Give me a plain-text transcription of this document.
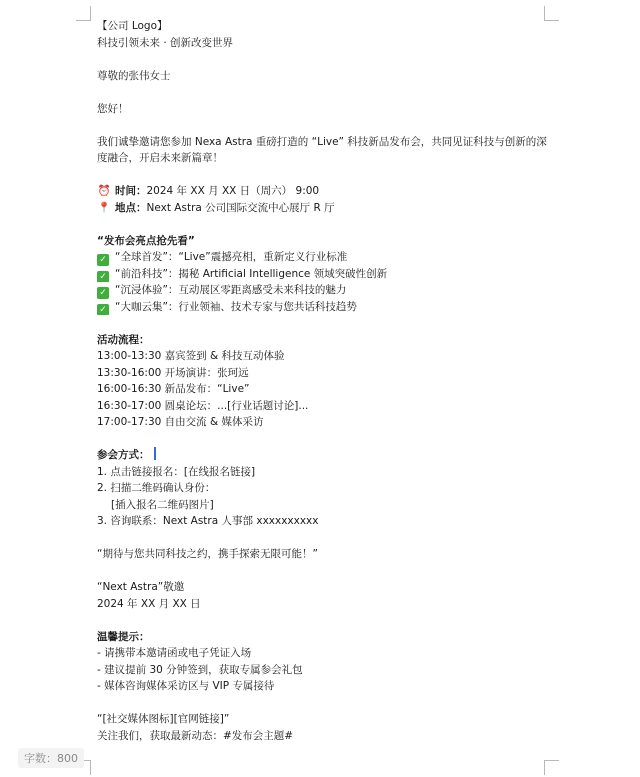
【公司 Logo】
科技引领未来 · 创新改变世界
尊敬的张伟女士
您好！
我们诚挚邀请您参加 Nexa Astra 重磅打造的 “Live” 科技新品发布会，共同见证科技与创新的深度融合，开启未来新篇章！
⏰ 时间：2024 年 XX 月 XX 日（周六） 9:00
📍 地点：Next Astra 公司国际交流中心展厅 R 厅
“发布会亮点抢先看”
✓ “全球首发”：“Live”震撼亮相，重新定义行业标准
✓ “前沿科技”：揭秘 Artificial Intelligence 领域突破性创新
✓ “沉浸体验”：互动展区零距离感受未来科技的魅力
✓ “大咖云集”：行业领袖、技术专家与您共话科技趋势
活动流程：
13:00-13:30 嘉宾签到 & 科技互动体验
13:30-16:00 开场演讲：张珂远
16:00-16:30 新品发布：“Live”
16:30-17:00 圆桌论坛：...[行业话题讨论]...
17:00-17:30 自由交流 & 媒体采访
参会方式：
1. 点击链接报名：[在线报名链接]
2. 扫描二维码确认身份：
[插入报名二维码图片]
3. 咨询联系：Next Astra 人事部 xxxxxxxxxx
“期待与您共同科技之约，携手探索无限可能！”
“Next Astra”敬邀
2024 年 XX 月 XX 日
温馨提示：
- 请携带本邀请函或电子凭证入场
- 建议提前 30 分钟签到，获取专属参会礼包
- 媒体咨询媒体采访区与 VIP 专属接待
“[社交媒体图标][官网链接]”
关注我们，获取最新动态：#发布会主题#
字数：800
